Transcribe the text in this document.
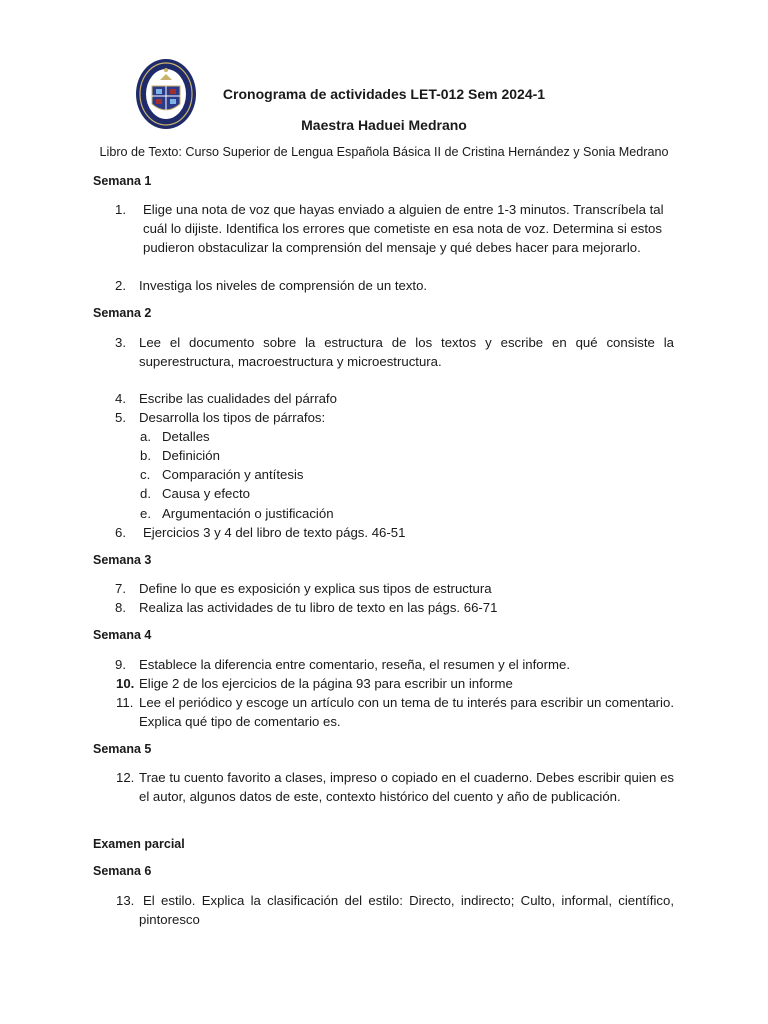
Cronograma de actividades LET-012 Sem 2024-1
Maestra Haduei Medrano
Libro de Texto: Curso Superior de Lengua Española Básica II de Cristina Hernández y Sonia Medrano
Semana 1
1.	Elige una nota de voz que hayas enviado a alguien de entre 1-3 minutos. Transcríbela tal cuál lo dijiste. Identifica los errores que cometiste en esa nota de voz. Determina si estos pudieron obstaculizar la comprensión del mensaje y qué debes hacer para mejorarlo.
2. Investiga los niveles de comprensión de un texto.
Semana 2
3. Lee el documento sobre la estructura de los textos y escribe en qué consiste la superestructura, macroestructura y microestructura.
4. Escribe las cualidades del párrafo
5. Desarrolla los tipos de párrafos:
a. Detalles
b. Definición
c. Comparación y antítesis
d. Causa y efecto
e. Argumentación o justificación
6.	Ejercicios 3 y 4 del libro de texto págs. 46-51
Semana 3
7. Define lo que es exposición y explica sus tipos de estructura
8. Realiza las actividades de tu libro de texto en las págs. 66-71
Semana 4
9. Establece la diferencia entre comentario, reseña, el resumen y el informe.
10. Elige 2 de los ejercicios de la página 93 para escribir un informe
11. Lee el periódico y escoge un artículo con un tema de tu interés para escribir un comentario. Explica qué tipo de comentario es.
Semana 5
12. Trae tu cuento favorito a clases, impreso o copiado en el cuaderno. Debes escribir quien es el autor, algunos datos de este, contexto histórico del cuento y año de publicación.
Examen parcial
Semana 6
13. El estilo. Explica la clasificación del estilo: Directo, indirecto; Culto, informal, científico, pintoresco
